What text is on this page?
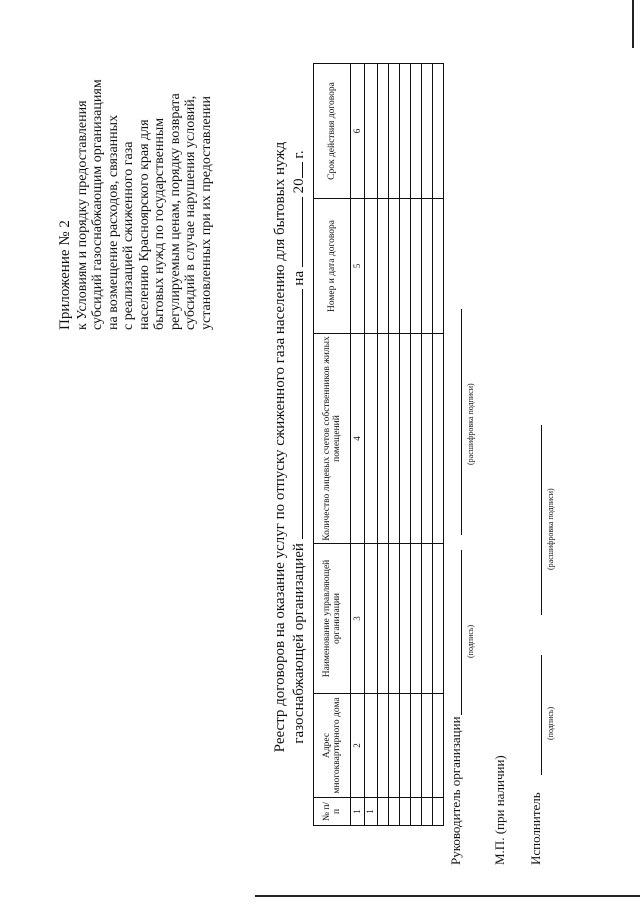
Приложение № 2 к Условиям и порядку предоставления субсидий газоснабжающим организациям на возмещение расходов, связанных с реализацией сжиженного газа населению Красноярского края для бытовых нужд по государственным регулируемым ценам, порядку возврата субсидий в случае нарушения условий, установленных при их предоставлении	Реестр договоров на оказание услуг по отпуску сжиженного газа населению для бытовых нужд газоснабжающей организацией  на  20 г.
№ п/п	Адрес многоквартирного дома	Наименование управляющей организации	Количество лицевых счетов собственников жилых помещений	Номер и дата договора	Срок действия договора
1	2	3	4	5	6
1					

						Руководитель организации
(подпись)
(расшифровка подписи)
М.П. (при наличии) Исполнитель
(подпись)
(расшифровка подписи)
